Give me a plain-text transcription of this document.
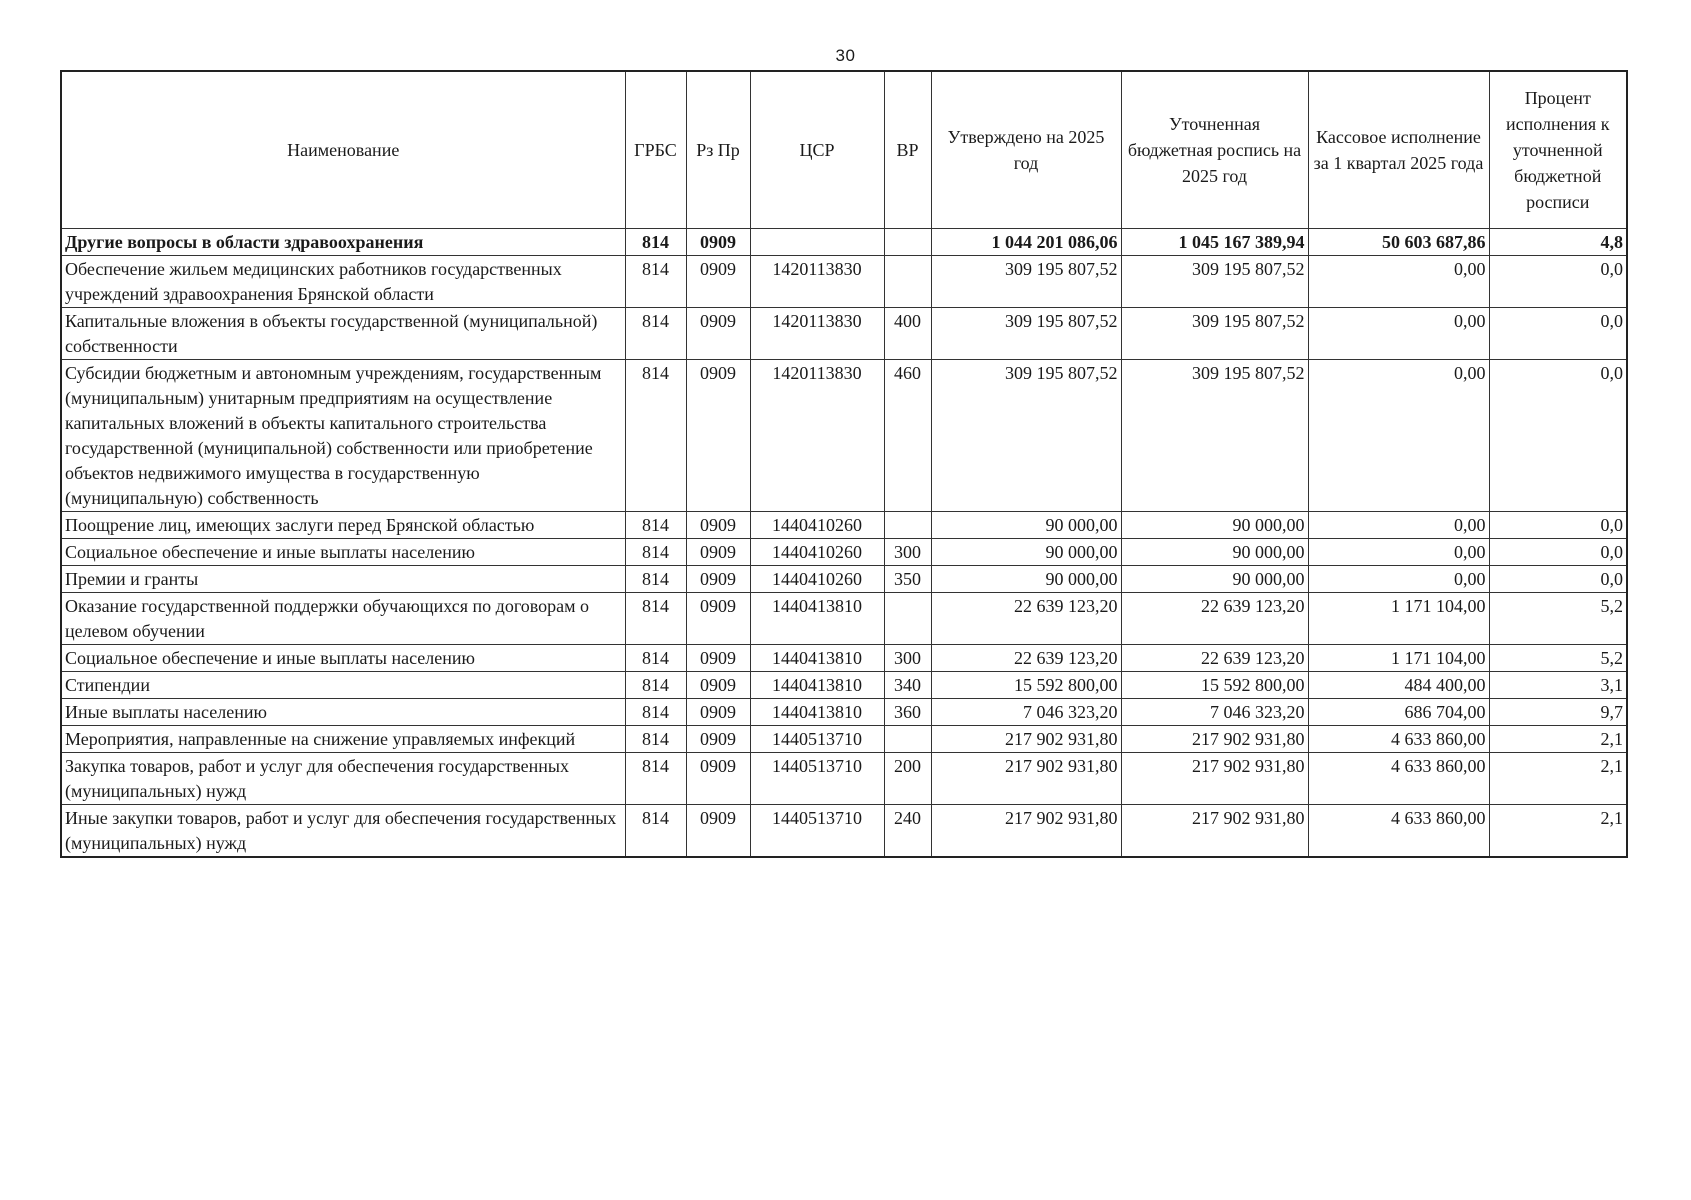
30
Наименование	ГРБС	Рз Пр	ЦСР	ВР	Утверждено на 2025 год	Уточненная бюджетная роспись на 2025 год	Кассовое исполнение за 1 квартал 2025 года	Процент исполнения к уточненной бюджетной росписи
Другие вопросы в области здравоохранения	814	0909			1 044 201 086,06	1 045 167 389,94	50 603 687,86	4,8
Обеспечение жильем медицинских работников государственных учреждений здравоохранения Брянской области	814	0909	1420113830		309 195 807,52	309 195 807,52	0,00	0,0
Капитальные вложения в объекты государственной (муниципальной) собственности	814	0909	1420113830	400	309 195 807,52	309 195 807,52	0,00	0,0
Субсидии бюджетным и автономным учреждениям, государственным (муниципальным) унитарным предприятиям на осуществление капитальных вложений в объекты капитального строительства государственной (муниципальной) собственности или приобретение объектов недвижимого имущества в государственную (муниципальную) собственность	814	0909	1420113830	460	309 195 807,52	309 195 807,52	0,00	0,0
Поощрение лиц, имеющих заслуги перед Брянской областью	814	0909	1440410260		90 000,00	90 000,00	0,00	0,0
Социальное обеспечение и иные выплаты населению	814	0909	1440410260	300	90 000,00	90 000,00	0,00	0,0
Премии и гранты	814	0909	1440410260	350	90 000,00	90 000,00	0,00	0,0
Оказание государственной поддержки обучающихся по договорам о целевом обучении	814	0909	1440413810		22 639 123,20	22 639 123,20	1 171 104,00	5,2
Социальное обеспечение и иные выплаты населению	814	0909	1440413810	300	22 639 123,20	22 639 123,20	1 171 104,00	5,2
Стипендии	814	0909	1440413810	340	15 592 800,00	15 592 800,00	484 400,00	3,1
Иные выплаты населению	814	0909	1440413810	360	7 046 323,20	7 046 323,20	686 704,00	9,7
Мероприятия, направленные на снижение управляемых инфекций	814	0909	1440513710		217 902 931,80	217 902 931,80	4 633 860,00	2,1
Закупка товаров, работ и услуг для обеспечения государственных (муниципальных) нужд	814	0909	1440513710	200	217 902 931,80	217 902 931,80	4 633 860,00	2,1
Иные закупки товаров, работ и услуг для обеспечения государственных (муниципальных) нужд	814	0909	1440513710	240	217 902 931,80	217 902 931,80	4 633 860,00	2,1
